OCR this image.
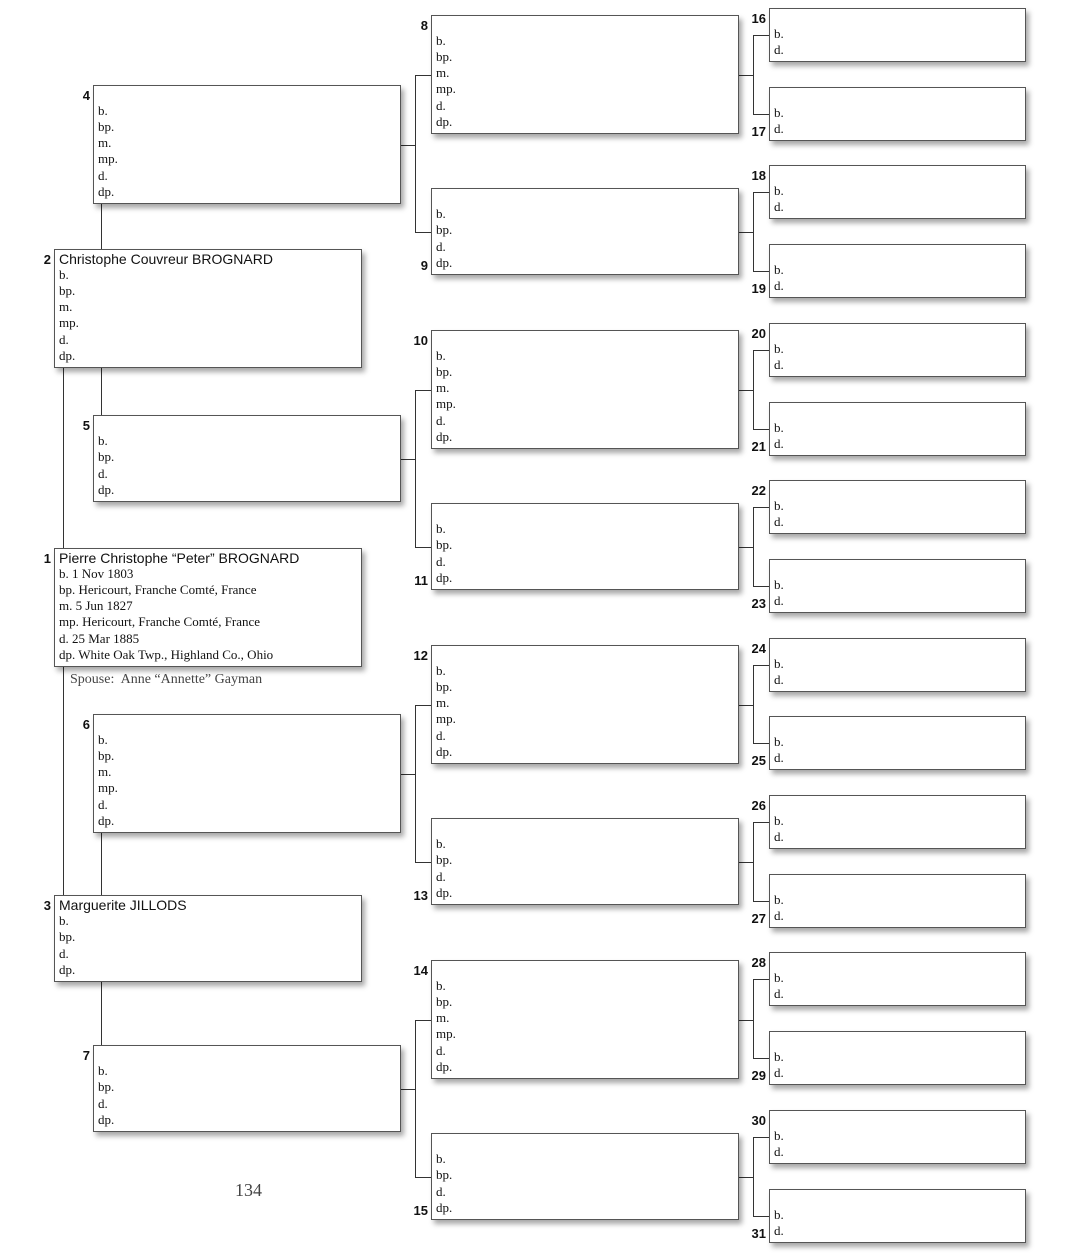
Pierre Christophe “Peter” BROGNARD
b. 1 Nov 1803
bp. Hericourt, Franche Comté, France
m. 5 Jun 1827
mp. Hericourt, Franche Comté, France
d. 25 Mar 1885
dp. White Oak Twp., Highland Co., Ohio
1
Christophe Couvreur BROGNARD
b.
bp.
m.
mp.
d.
dp.
2
Marguerite JILLODS
b.
bp.
d.
dp.
3
b.
bp.
m.
mp.
d.
dp.
4
b.
bp.
d.
dp.
5
b.
bp.
m.
mp.
d.
dp.
6
b.
bp.
d.
dp.
7
b.
bp.
m.
mp.
d.
dp.
8
b.
bp.
d.
dp.
9
b.
bp.
m.
mp.
d.
dp.
10
b.
bp.
d.
dp.
11
b.
bp.
m.
mp.
d.
dp.
12
b.
bp.
d.
dp.
13
b.
bp.
m.
mp.
d.
dp.
14
b.
bp.
d.
dp.
15
b.
d.
16
b.
d.
17
b.
d.
18
b.
d.
19
b.
d.
20
b.
d.
21
b.
d.
22
b.
d.
23
b.
d.
24
b.
d.
25
b.
d.
26
b.
d.
27
b.
d.
28
b.
d.
29
b.
d.
30
b.
d.
31
Spouse: Anne “Annette” Gayman
134
